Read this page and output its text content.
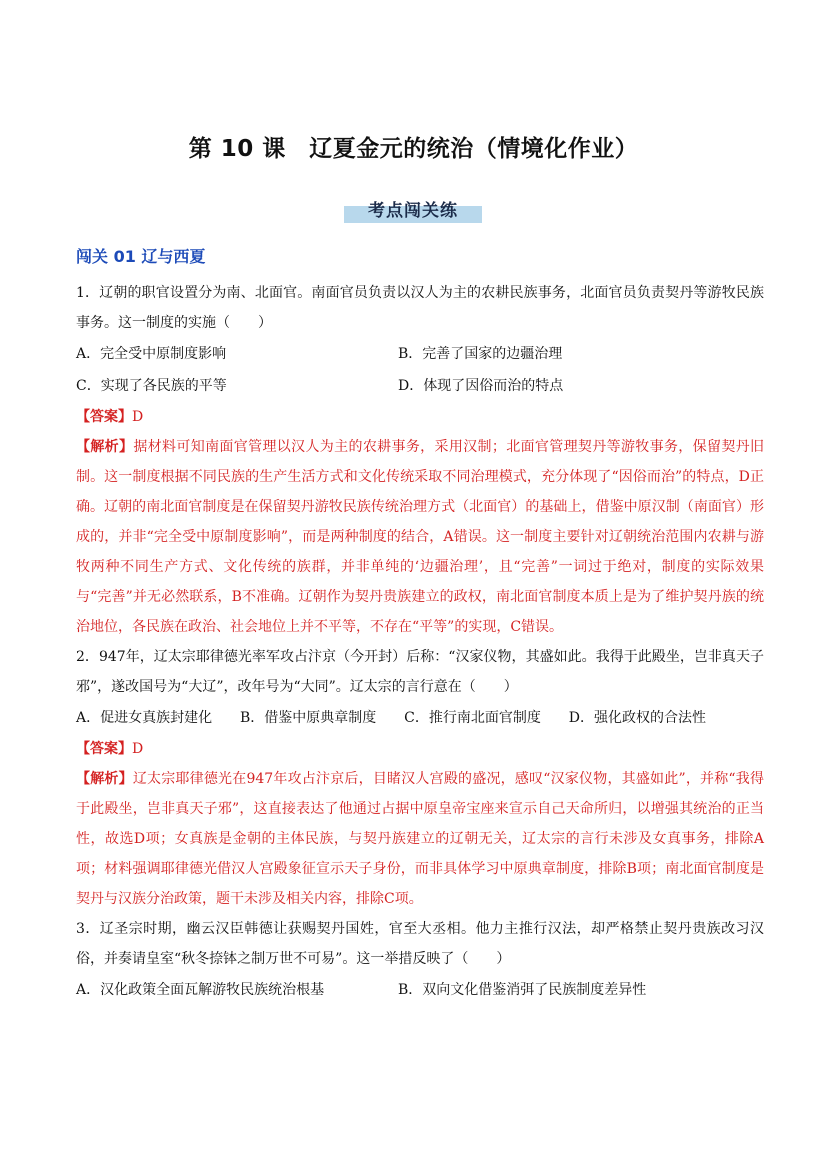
第 10 课　辽夏金元的统治（情境化作业）
考点闯关练
闯关 01 辽与西夏

1．辽朝的职官设置分为南、北面官。南面官员负责以汉人为主的农耕民族事务，北面官员负责契丹等游牧民族事务。这一制度的实施（　　）

A．完全受中原制度影响	B．完善了国家的边疆治理
C．实现了各民族的平等	D．体现了因俗而治的特点

【答案】D

【解析】据材料可知南面官管理以汉人为主的农耕事务，采用汉制；北面官管理契丹等游牧事务，保留契丹旧制。这一制度根据不同民族的生产生活方式和文化传统采取不同治理模式，充分体现了“因俗而治”的特点，D正确。辽朝的南北面官制度是在保留契丹游牧民族传统治理方式（北面官）的基础上，借鉴中原汉制（南面官）形成的，并非“完全受中原制度影响”，而是两种制度的结合，A错误。这一制度主要针对辽朝统治范围内农耕与游牧两种不同生产方式、文化传统的族群，并非单纯的‘边疆治理’，且“完善”一词过于绝对，制度的实际效果与“完善”并无必然联系，B不准确。辽朝作为契丹贵族建立的政权，南北面官制度本质上是为了维护契丹族的统治地位，各民族在政治、社会地位上并不平等，不存在“平等”的实现，C错误。

2．947年，辽太宗耶律德光率军攻占汴京（今开封）后称：“汉家仪物，其盛如此。我得于此殿坐，岂非真天子邪”，遂改国号为“大辽”，改年号为“大同”。辽太宗的言行意在（　　）

A．促进女真族封建化 B．借鉴中原典章制度 C．推行南北面官制度 D．强化政权的合法性

【答案】D

【解析】辽太宗耶律德光在947年攻占汴京后，目睹汉人宫殿的盛况，感叹“汉家仪物，其盛如此”，并称“我得于此殿坐，岂非真天子邪”，这直接表达了他通过占据中原皇帝宝座来宣示自己天命所归，以增强其统治的正当性，故选D项；女真族是金朝的主体民族，与契丹族建立的辽朝无关，辽太宗的言行未涉及女真事务，排除A项；材料强调耶律德光借汉人宫殿象征宣示天子身份，而非具体学习中原典章制度，排除B项；南北面官制度是契丹与汉族分治政策，题干未涉及相关内容，排除C项。

3．辽圣宗时期，幽云汉臣韩德让获赐契丹国姓，官至大丞相。他力主推行汉法，却严格禁止契丹贵族改习汉俗，并奏请皇室“秋冬捺钵之制万世不可易”。这一举措反映了（　　）

A．汉化政策全面瓦解游牧民族统治根基	B．双向文化借鉴消弭了民族制度差异性
